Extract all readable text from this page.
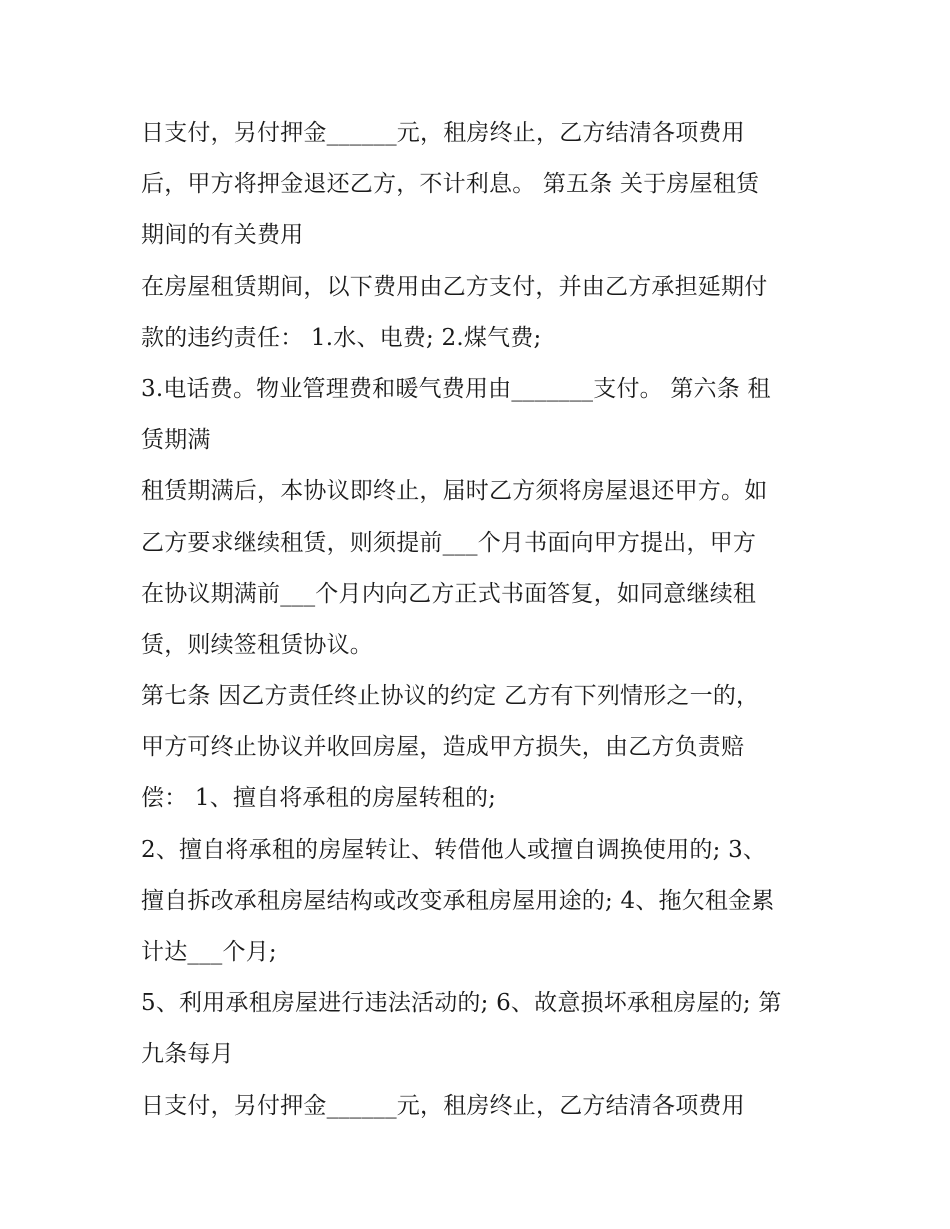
日支付，另付押金______元，租房终止，乙方结清各项费用
后，甲方将押金退还乙方，不计利息。 第五条 关于房屋租赁
期间的有关费用
在房屋租赁期间，以下费用由乙方支付，并由乙方承担延期付
款的违约责任： 1.水、电费; 2.煤气费;
3.电话费。物业管理费和暖气费用由_______支付。 第六条 租
赁期满
租赁期满后，本协议即终止，届时乙方须将房屋退还甲方。如
乙方要求继续租赁，则须提前___个月书面向甲方提出，甲方
在协议期满前___个月内向乙方正式书面答复，如同意继续租
赁，则续签租赁协议。
第七条 因乙方责任终止协议的约定 乙方有下列情形之一的，
甲方可终止协议并收回房屋，造成甲方损失，由乙方负责赔
偿： 1、擅自将承租的房屋转租的;
2、擅自将承租的房屋转让、转借他人或擅自调换使用的; 3、
擅自拆改承租房屋结构或改变承租房屋用途的; 4、拖欠租金累
计达___个月;
5、利用承租房屋进行违法活动的; 6、故意损坏承租房屋的; 第
九条每月
日支付，另付押金______元，租房终止，乙方结清各项费用
